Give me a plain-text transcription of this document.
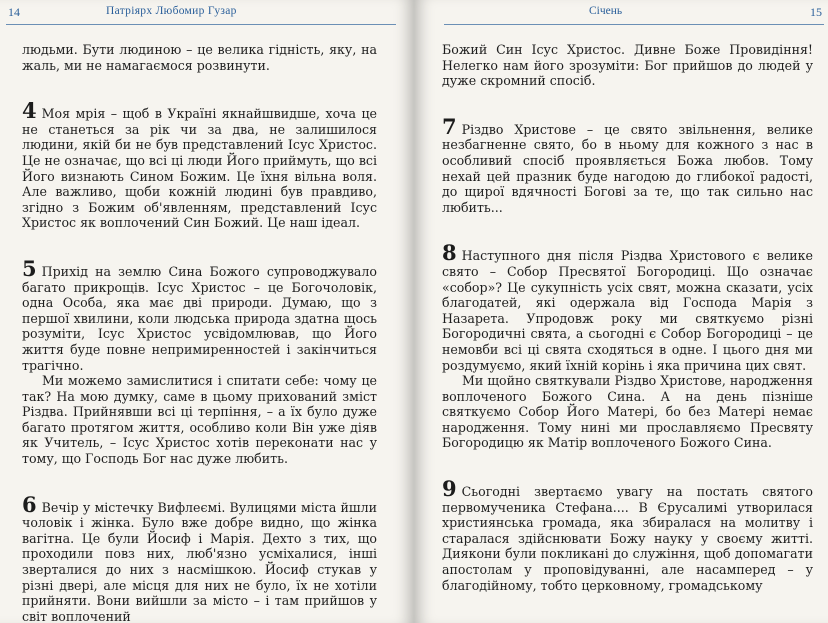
14	Патріярх Любомир Гузар

людьми. Бути людиною – це велика гідність, яку, на жаль, ми не намагаємося розвинути.

4 Моя мрія – щоб в Україні якнайшвидше, хоча це не станеться за рік чи за два, не залишилося людини, якій би не був представлений Ісус Христос. Це не означає, що всі ці люди Його приймуть, що всі Його визнають Сином Божим. Це їхня вільна воля. Але важливо, щоби кожній людині був правдиво, згідно з Божим об'явленням, представлений Ісус Христос як воплочений Син Божий. Це наш ідеал.

5 Прихід на землю Сина Божого супроводжувало багато прикрощів. Ісус Христос – це Богочоловік, одна Особа, яка має дві природи. Думаю, що з першої хвилини, коли людська природа здатна щось розуміти, Ісус Христос усвідомлював, що Його життя буде повне непримиренностей і закінчиться трагічно.

Ми можемо замислитися і спитати себе: чому це так? На мою думку, саме в цьому прихований зміст Різдва. Прийнявши всі ці терпіння, – а їх було дуже багато протягом життя, особливо коли Він уже діяв як Учитель, – Ісус Христос хотів переконати нас у тому, що Господь Бог нас дуже любить.

6 Вечір у містечку Вифлеємі. Вулицями міста йшли чоловік і жінка. Було вже добре видно, що жінка вагітна. Це були Йосиф і Марія. Дехто з тих, що проходили повз них, люб'язно усміхалися, інші зверталися до них з насмішкою. Йосиф стукав у різні двері, але місця для них не було, їх не хотіли прийняти. Вони вийшли за місто – і там прийшов у світ воплочений

Січень	15

Божий Син Ісус Христос. Дивне Боже Провидіння! Нелегко нам його зрозуміти: Бог прийшов до людей у дуже скромний спосіб.

7 Різдво Христове – це свято звільнення, велике незбагненне свято, бо в ньому для кожного з нас в особливий спосіб проявляється Божа любов. Тому нехай цей празник буде нагодою до глибокої радості, до щирої вдячності Богові за те, що так сильно нас любить...

8 Наступного дня після Різдва Христового є велике свято – Собор Пресвятої Богородиці. Що означає «собор»? Це сукупність усіх свят, можна сказати, усіх благодатей, які одержала від Господа Марія з Назарета. Упродовж року ми святкуємо різні Богородичні свята, а сьогодні є Собор Богородиці – це немовби всі ці свята сходяться в одне. І цього дня ми роздумуємо, який їхній корінь і яка причина цих свят.

Ми щойно святкували Різдво Христове, народження воплоченого Божого Сина. А на день пізніше святкуємо Собор Його Матері, бо без Матері немає народження. Тому нині ми прославляємо Пресвяту Богородицю як Матір воплоченого Божого Сина.

9 Сьогодні звертаємо увагу на постать святого первомученика Стефана.... В Єрусалимі утворилася християнська громада, яка збиралася на молитву і старалася здійснювати Божу науку у своєму житті. Диякони були покликані до служіння, щоб допомагати апостолам у проповідуванні, але насамперед – у благодійному, тобто церковному, громадському
